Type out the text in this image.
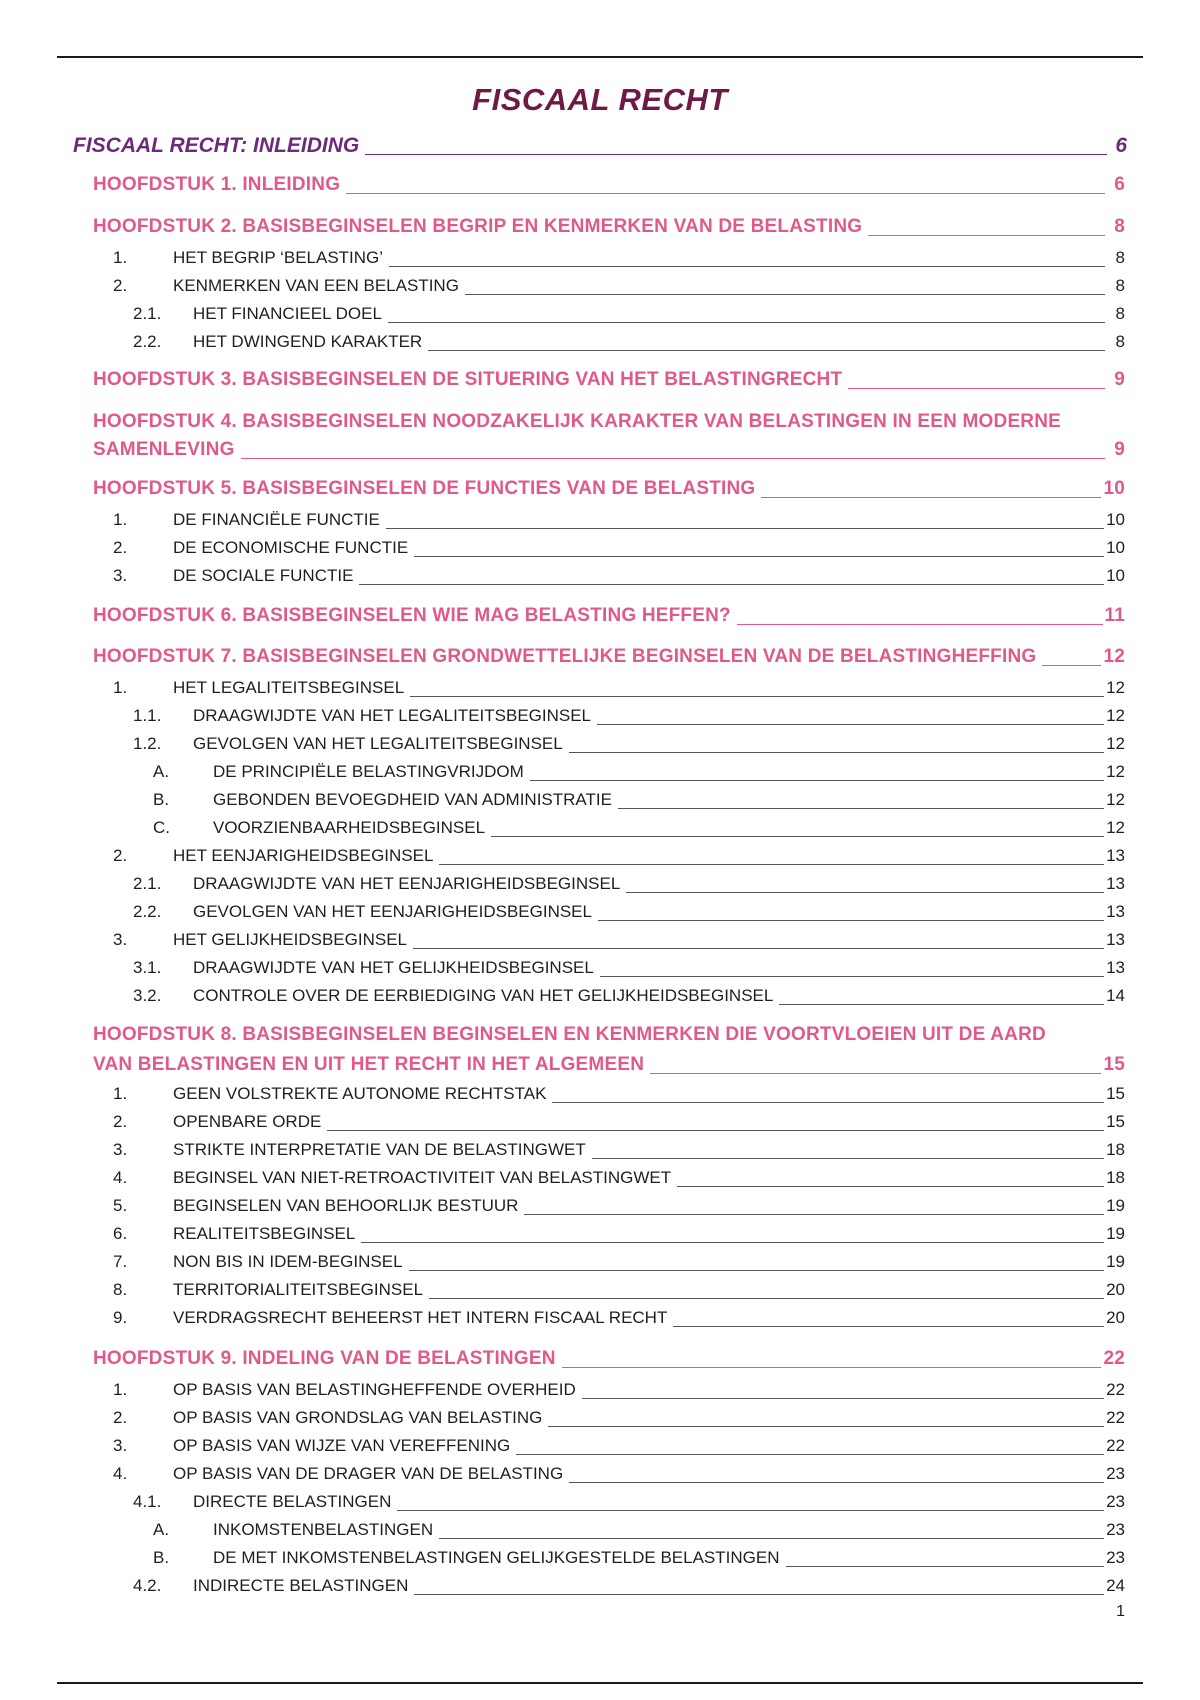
FISCAAL RECHT
FISCAAL RECHT: INLEIDING	6
HOOFDSTUK 1. INLEIDING	6
HOOFDSTUK 2. BASISBEGINSELEN BEGRIP EN KENMERKEN VAN DE BELASTING	8
1.	HET BEGRIP ‘BELASTING’	8
2.	KENMERKEN VAN EEN BELASTING	8
2.1.	HET FINANCIEEL DOEL	8
2.2.	HET DWINGEND KARAKTER	8
HOOFDSTUK 3. BASISBEGINSELEN DE SITUERING VAN HET BELASTINGRECHT	9
HOOFDSTUK 4. BASISBEGINSELEN NOODZAKELIJK KARAKTER VAN BELASTINGEN IN EEN MODERNE
SAMENLEVING	9
HOOFDSTUK 5. BASISBEGINSELEN DE FUNCTIES VAN DE BELASTING	10
1.	DE FINANCIËLE FUNCTIE	10
2.	DE ECONOMISCHE FUNCTIE	10
3.	DE SOCIALE FUNCTIE	10
HOOFDSTUK 6. BASISBEGINSELEN WIE MAG BELASTING HEFFEN?	11
HOOFDSTUK 7. BASISBEGINSELEN GRONDWETTELIJKE BEGINSELEN VAN DE BELASTINGHEFFING	12
1.	HET LEGALITEITSBEGINSEL	12
1.1.	DRAAGWIJDTE VAN HET LEGALITEITSBEGINSEL	12
1.2.	GEVOLGEN VAN HET LEGALITEITSBEGINSEL	12
A.	DE PRINCIPIËLE BELASTINGVRIJDOM	12
B.	GEBONDEN BEVOEGDHEID VAN ADMINISTRATIE	12
C.	VOORZIENBAARHEIDSBEGINSEL	12
2.	HET EENJARIGHEIDSBEGINSEL	13
2.1.	DRAAGWIJDTE VAN HET EENJARIGHEIDSBEGINSEL	13
2.2.	GEVOLGEN VAN HET EENJARIGHEIDSBEGINSEL	13
3.	HET GELIJKHEIDSBEGINSEL	13
3.1.	DRAAGWIJDTE VAN HET GELIJKHEIDSBEGINSEL	13
3.2.	CONTROLE OVER DE EERBIEDIGING VAN HET GELIJKHEIDSBEGINSEL	14
HOOFDSTUK 8. BASISBEGINSELEN BEGINSELEN EN KENMERKEN DIE VOORTVLOEIEN UIT DE AARD
VAN BELASTINGEN EN UIT HET RECHT IN HET ALGEMEEN	15
1.	GEEN VOLSTREKTE AUTONOME RECHTSTAK	15
2.	OPENBARE ORDE	15
3.	STRIKTE INTERPRETATIE VAN DE BELASTINGWET	18
4.	BEGINSEL VAN NIET-RETROACTIVITEIT VAN BELASTINGWET	18
5.	BEGINSELEN VAN BEHOORLIJK BESTUUR	19
6.	REALITEITSBEGINSEL	19
7.	NON BIS IN IDEM-BEGINSEL	19
8.	TERRITORIALITEITSBEGINSEL	20
9.	VERDRAGSRECHT BEHEERST HET INTERN FISCAAL RECHT	20
HOOFDSTUK 9. INDELING VAN DE BELASTINGEN	22
1.	OP BASIS VAN BELASTINGHEFFENDE OVERHEID	22
2.	OP BASIS VAN GRONDSLAG VAN BELASTING	22
3.	OP BASIS VAN WIJZE VAN VEREFFENING	22
4.	OP BASIS VAN DE DRAGER VAN DE BELASTING	23
4.1.	DIRECTE BELASTINGEN	23
A.	INKOMSTENBELASTINGEN	23
B.	DE MET INKOMSTENBELASTINGEN GELIJKGESTELDE BELASTINGEN	23
4.2.	INDIRECTE BELASTINGEN	24
1
